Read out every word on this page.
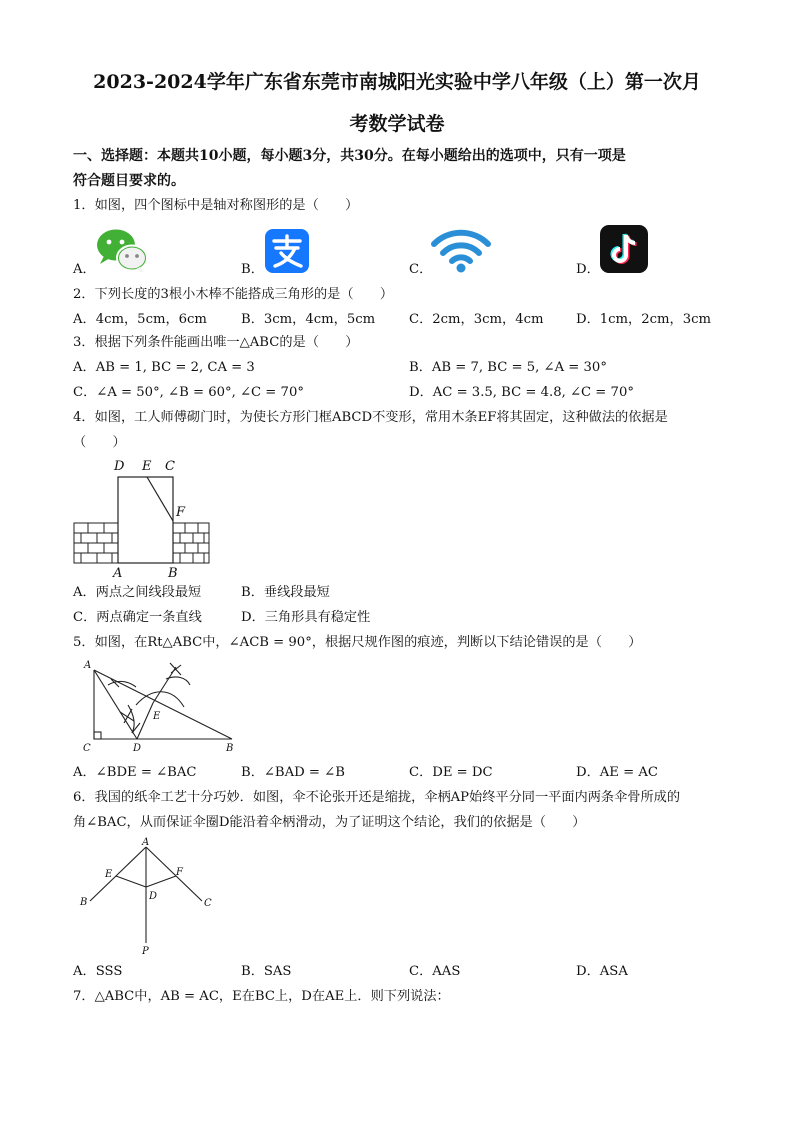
2023-2024学年广东省东莞市南城阳光实验中学八年级（上）第一次月
考数学试卷
一、选择题：本题共10小题，每小题3分，共30分。在每小题给出的选项中，只有一项是
符合题目要求的。
1．如图，四个图标中是轴对称图形的是（　　）
A．	B．	C．	D．
2．下列长度的3根小木棒不能搭成三角形的是（　　）
A．4cm，5cm，6cm	B．3cm，4cm，5cm	C．2cm，3cm，4cm D．1cm，2cm，3cm
3．根据下列条件能画出唯一△ABC的是（　　）
A．AB = 1, BC = 2, CA = 3	B．AB = 7, BC = 5, ∠A = 30°
C．∠A = 50°, ∠B = 60°, ∠C = 70°	D．AC = 3.5, BC = 4.8, ∠C = 70°
4．如图，工人师傅砌门时，为使长方形门框ABCD不变形，常用木条EF将其固定，这种做法的依据是
（　　）
D E C
F
A	B
A．两点之间线段最短	B．垂线段最短
C．两点确定一条直线	D．三角形具有稳定性
5．如图，在Rt△ABC中，∠ACB = 90°，根据尺规作图的痕迹，判断以下结论错误的是（　　）
A
E
C	D	B
A．∠BDE = ∠BAC	B．∠BAD = ∠B	C．DE = DC	D．AE = AC
6．我国的纸伞工艺十分巧妙．如图，伞不论张开还是缩拢，伞柄AP始终平分同一平面内两条伞骨所成的
角∠BAC，从而保证伞圈D能沿着伞柄滑动，为了证明这个结论，我们的依据是（　　）
A
E	F
D
B	C
P
A．SSS	B．SAS	C．AAS	D．ASA
7．△ABC中，AB = AC，E在BC上，D在AE上．则下列说法：
